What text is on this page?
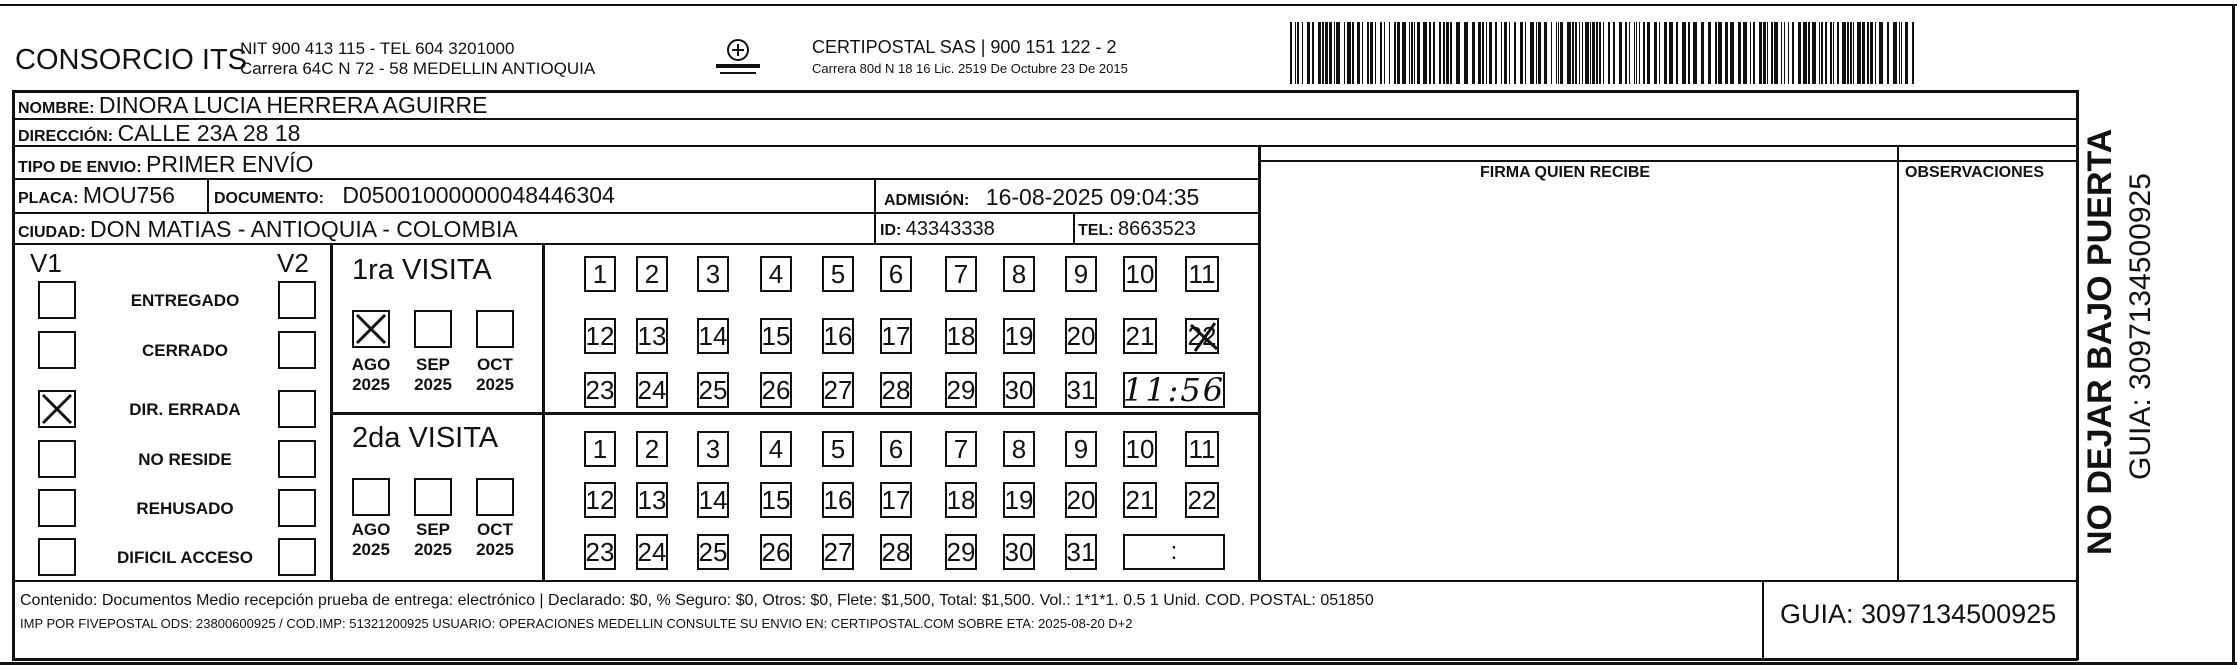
CONSORCIO ITS
NIT 900 413 115 - TEL 604 3201000
Carrera 64C N 72 - 58 MEDELLIN ANTIOQUIA
CERTIPOSTAL SAS | 900 151 122 - 2
Carrera 80d N 18 16 Lic. 2519 De Octubre 23 De 2015
NOMBRE: DINORA LUCIA HERRERA AGUIRRE
DIRECCIÓN: CALLE 23A 28 18
TIPO DE ENVIO: PRIMER ENVÍO
PLACA: MOU756 DOCUMENTO: D05001000000048446304	ADMISIÓN: 16-08-2025 09:04:35
CIUDAD: DON MATIAS - ANTIOQUIA - COLOMBIA	ID: 43343338	TEL: 8663523
FIRMA QUIEN RECIBE	OBSERVACIONES
V1	V2
ENTREGADO
CERRADO
DIR. ERRADA
NO RESIDE
REHUSADO
DIFICIL ACCESO
1ra VISITA
2da VISITA
AGO
2025
SEP
2025
OCT
2025
AGO
2025
SEP
2025
OCT
2025
1	2	3	4	5	6	7	8	9	10 11
12 13 14 15 16 17 18 19 20 21 22
23 24 25 26 27 28 29 30 31 11:56
1	2	3	4	5	6	7	8	9	10 11
12 13 14 15 16 17 18 19 20 21 22
23 24 25 26 27 28 29 30 31	:
Contenido: Documentos Medio recepción prueba de entrega: electrónico | Declarado: $0, % Seguro: $0, Otros: $0, Flete: $1,500, Total: $1,500. Vol.: 1*1*1. 0.5 1 Unid. COD. POSTAL: 051850
IMP POR FIVEPOSTAL ODS: 23800600925 / COD.IMP: 51321200925 USUARIO: OPERACIONES MEDELLIN CONSULTE SU ENVIO EN: CERTIPOSTAL.COM SOBRE ETA: 2025-08-20 D+2	GUIA: 3097134500925
NO DEJAR BAJO PUERTA GUIA: 3097134500925
